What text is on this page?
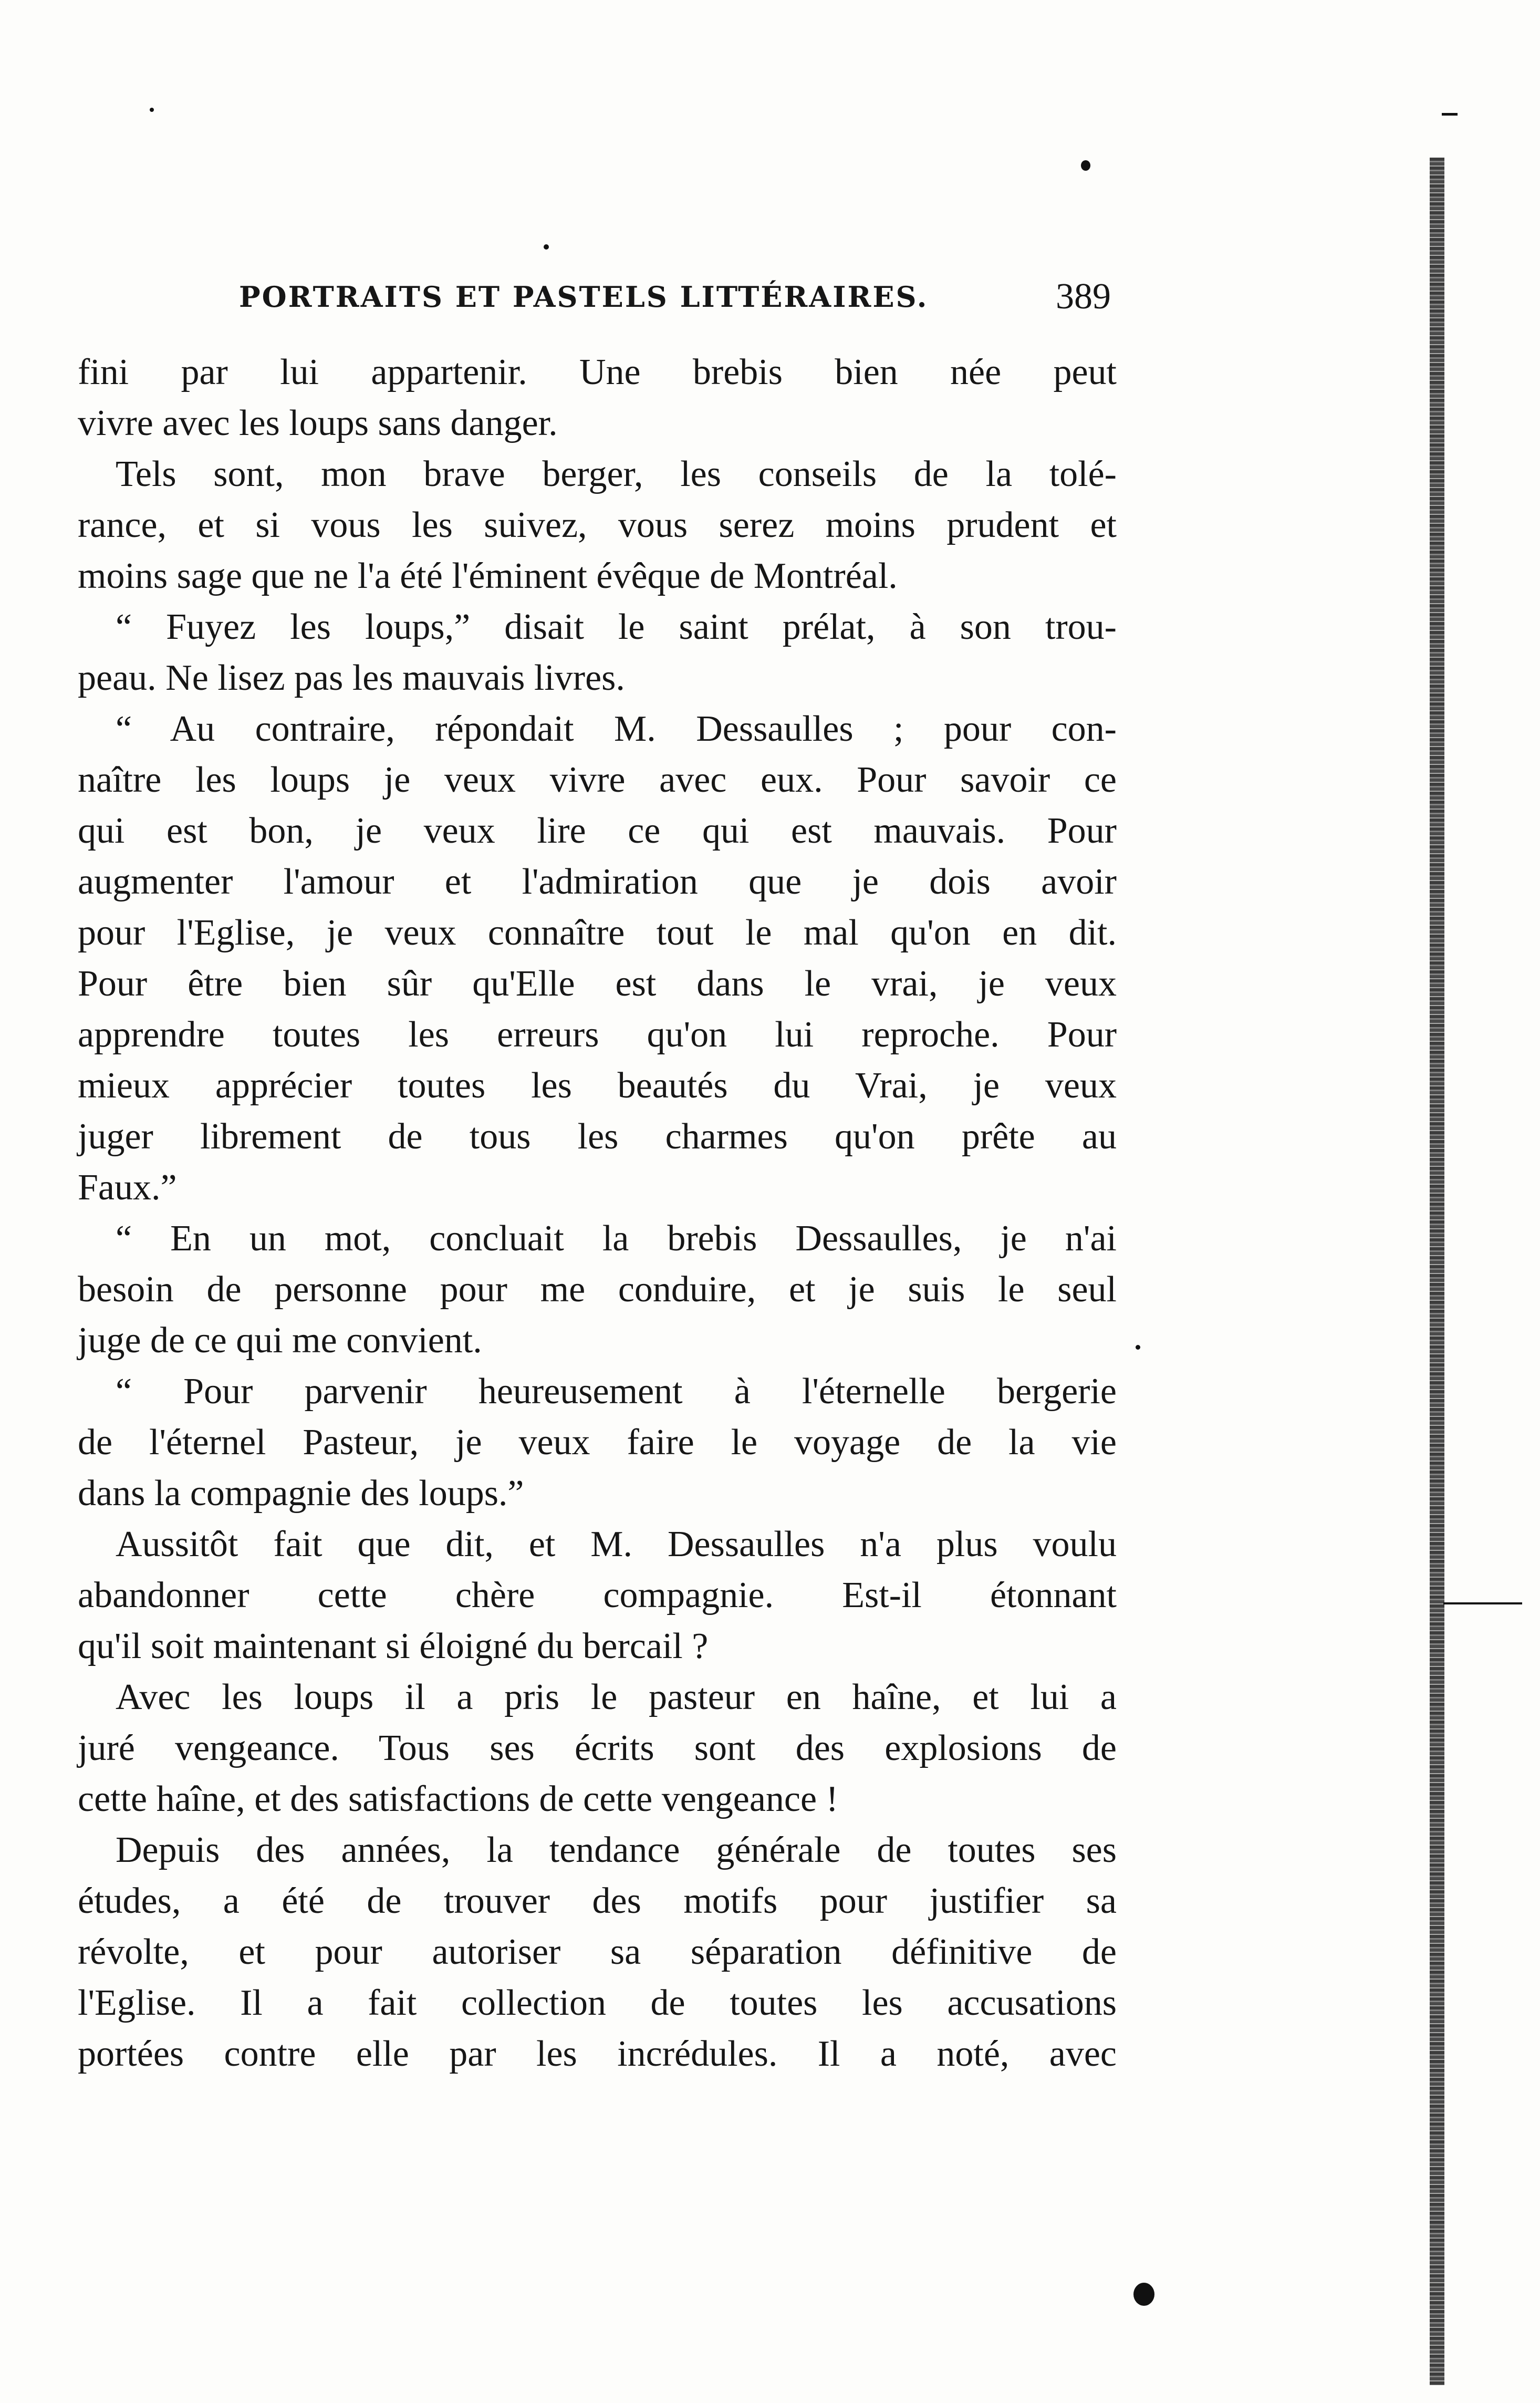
PORTRAITS ET PASTELS LITTÉRAIRES.	389
fini par lui appartenir. Une brebis bien née peut
vivre avec les loups sans danger.
Tels sont, mon brave berger, les conseils de la tolé-
rance, et si vous les suivez, vous serez moins prudent et
moins sage que ne l'a été l'éminent évêque de Montréal.
“ Fuyez les loups,” disait le saint prélat, à son trou-
peau. Ne lisez pas les mauvais livres.
“ Au contraire, répondait M. Dessaulles ; pour con-
naître les loups je veux vivre avec eux. Pour savoir ce
qui est bon, je veux lire ce qui est mauvais. Pour
augmenter l'amour et l'admiration que je dois avoir
pour l'Eglise, je veux connaître tout le mal qu'on en dit.
Pour être bien sûr qu'Elle est dans le vrai, je veux
apprendre toutes les erreurs qu'on lui reproche. Pour
mieux apprécier toutes les beautés du Vrai, je veux
juger librement de tous les charmes qu'on prête au
Faux.”
“ En un mot, concluait la brebis Dessaulles, je n'ai
besoin de personne pour me conduire, et je suis le seul
juge de ce qui me convient.
“ Pour parvenir heureusement à l'éternelle bergerie
de l'éternel Pasteur, je veux faire le voyage de la vie
dans la compagnie des loups.”
Aussitôt fait que dit, et M. Dessaulles n'a plus voulu
abandonner cette chère compagnie. Est-il étonnant
qu'il soit maintenant si éloigné du bercail ?
Avec les loups il a pris le pasteur en haîne, et lui a
juré vengeance. Tous ses écrits sont des explosions de
cette haîne, et des satisfactions de cette vengeance !
Depuis des années, la tendance générale de toutes ses
études, a été de trouver des motifs pour justifier sa
révolte, et pour autoriser sa séparation définitive de
l'Eglise. Il a fait collection de toutes les accusations
portées contre elle par les incrédules. Il a noté, avec
